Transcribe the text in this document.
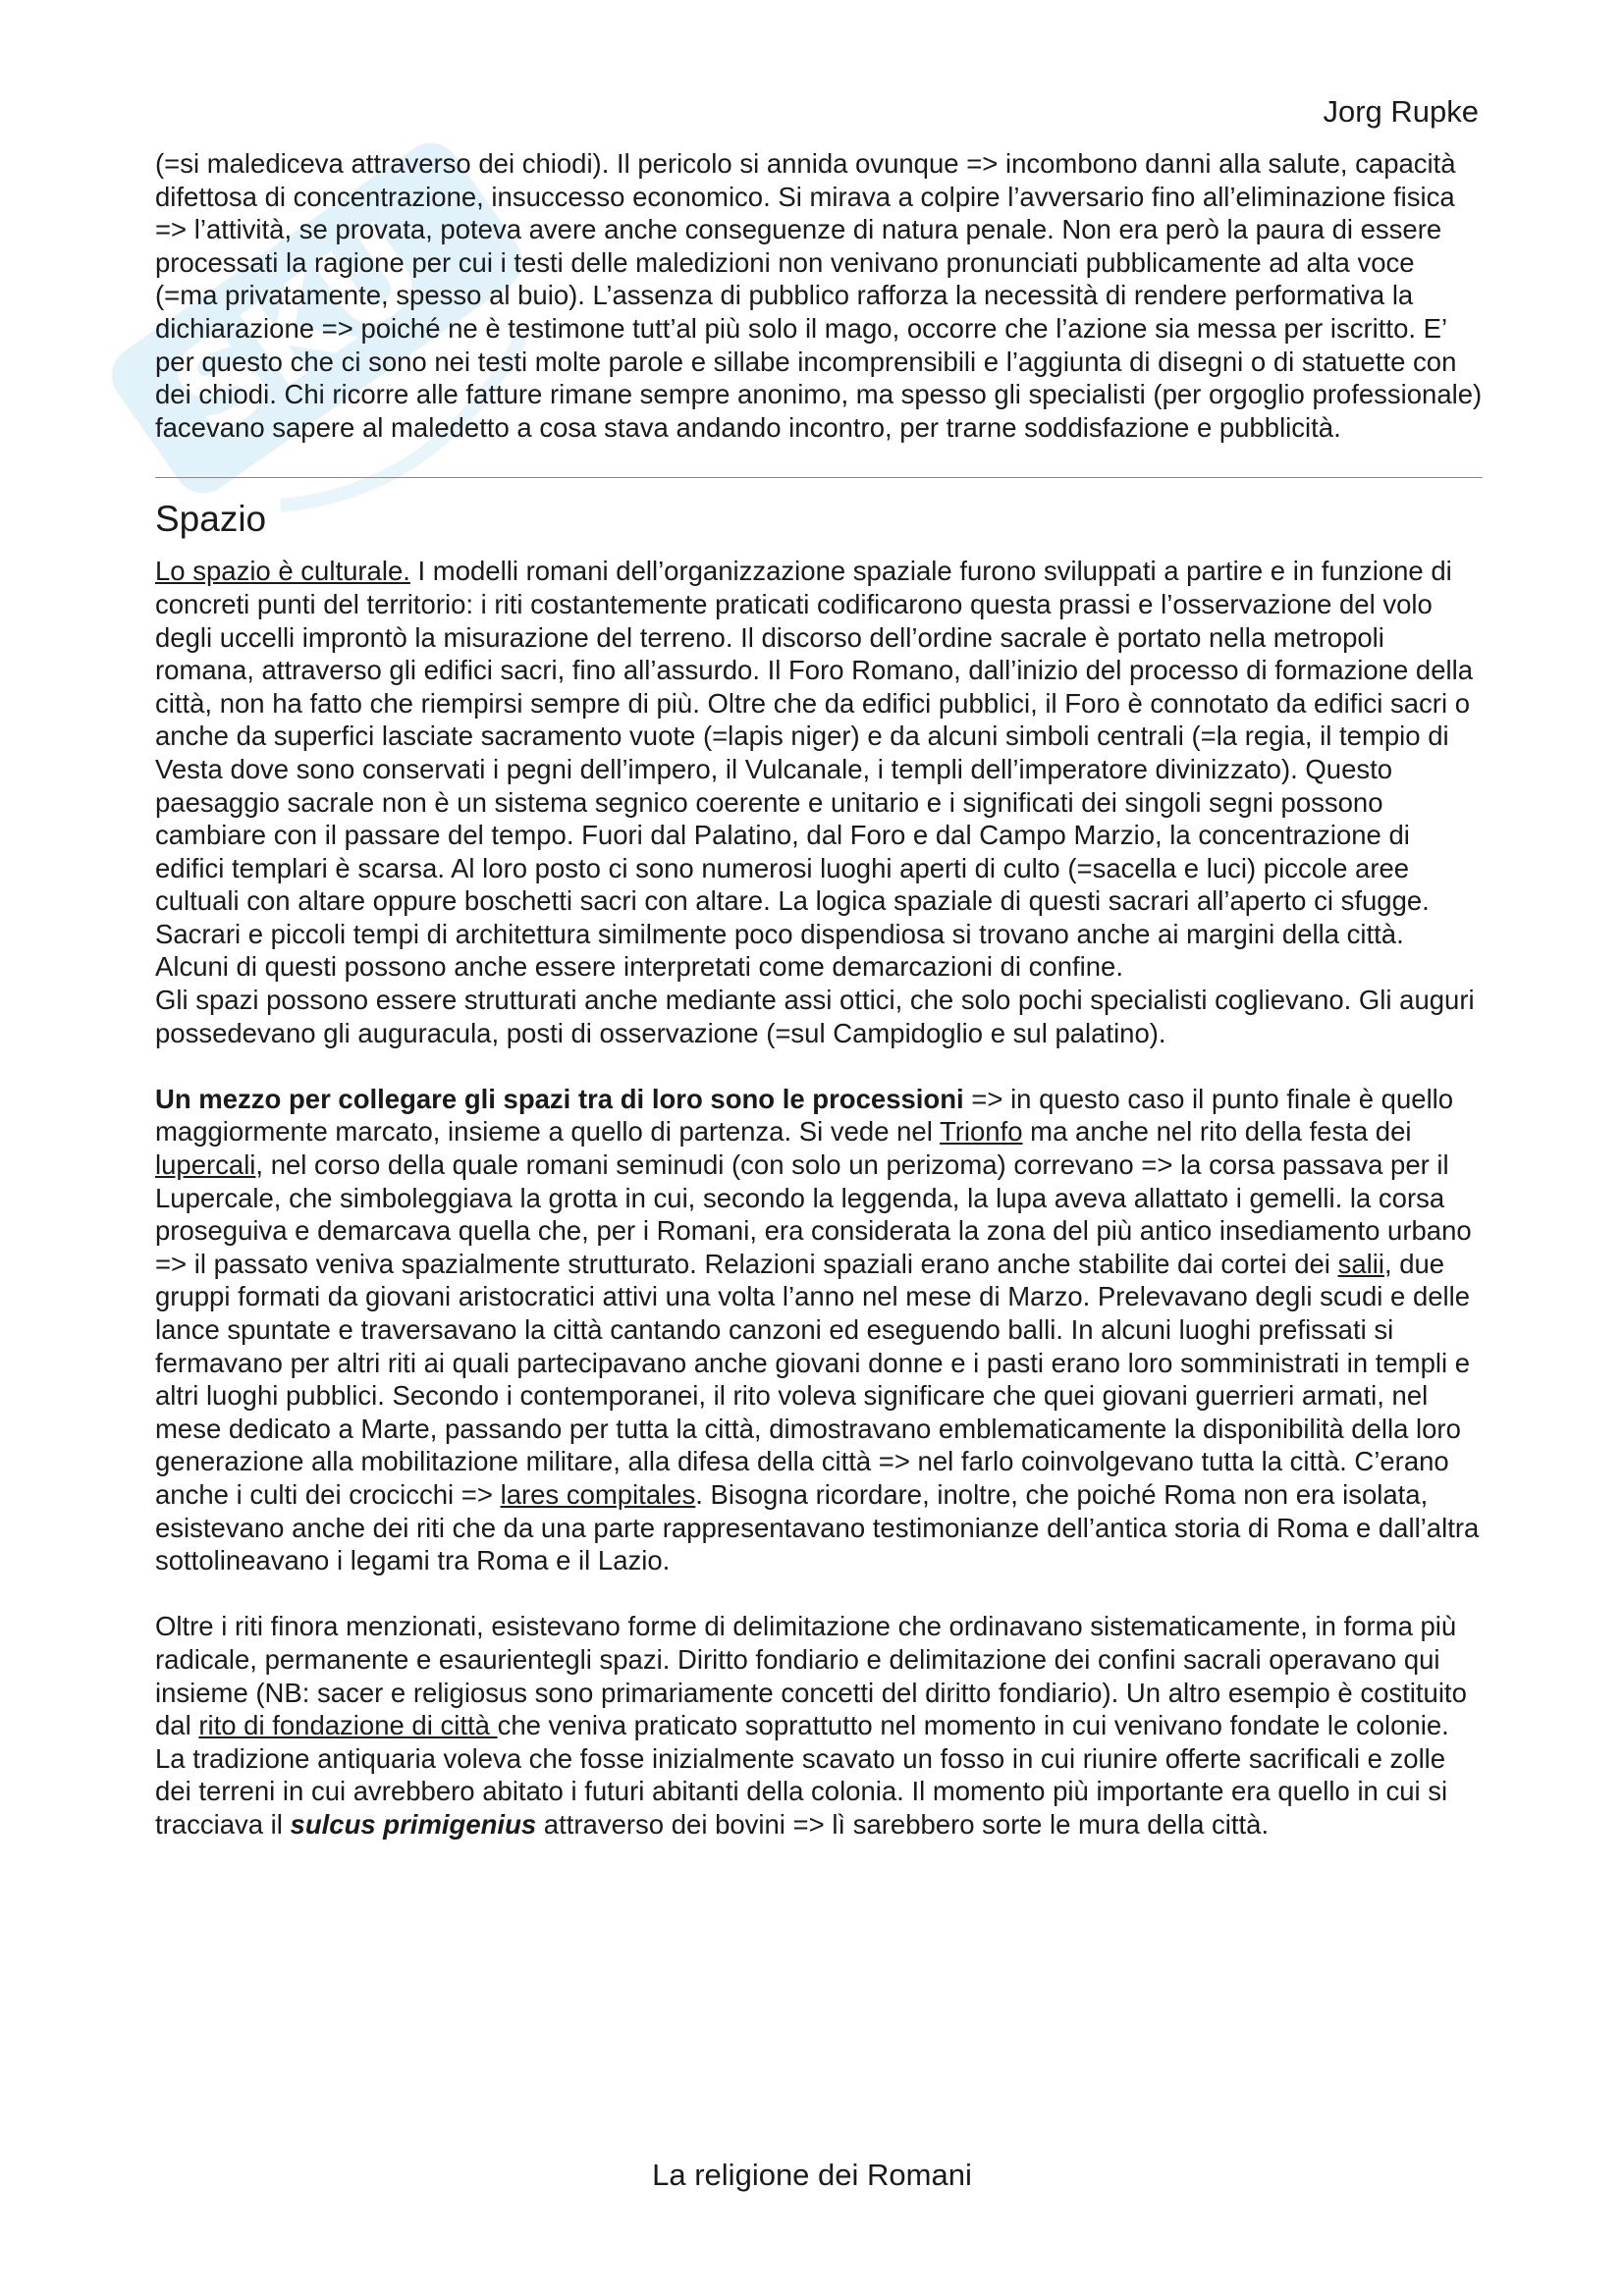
SKU
Jorg Rupke

(=si malediceva attraverso dei chiodi). Il pericolo si annida ovunque => incombono danni alla salute, capacità difettosa di concentrazione, insuccesso economico. Si mirava a colpire l’avversario fino all’eliminazione fisica => l’attività, se provata, poteva avere anche conseguenze di natura penale. Non era però la paura di essere processati la ragione per cui i testi delle maledizioni non venivano pronunciati pubblicamente ad alta voce (=ma privatamente, spesso al buio). L’assenza di pubblico rafforza la necessità di rendere performativa la dichiarazione => poiché ne è testimone tutt’al più solo il mago, occorre che l’azione sia messa per iscritto. E’ per questo che ci sono nei testi molte parole e sillabe incomprensibili e l’aggiunta di disegni o di statuette con dei chiodi. Chi ricorre alle fatture rimane sempre anonimo, ma spesso gli specialisti (per orgoglio professionale) facevano sapere al maledetto a cosa stava andando incontro, per trarne soddisfazione e pubblicità.

Spazio

Lo spazio è culturale. I modelli romani dell’organizzazione spaziale furono sviluppati a partire e in funzione di concreti punti del territorio: i riti costantemente praticati codificarono questa prassi e l’osservazione del volo degli uccelli improntò la misurazione del terreno. Il discorso dell’ordine sacrale è portato nella metropoli romana, attraverso gli edifici sacri, fino all’assurdo. Il Foro Romano, dall’inizio del processo di formazione della città, non ha fatto che riempirsi sempre di più. Oltre che da edifici pubblici, il Foro è connotato da edifici sacri o anche da superfici lasciate sacramento vuote (=lapis niger) e da alcuni simboli centrali (=la regia, il tempio di Vesta dove sono conservati i pegni dell’impero, il Vulcanale, i templi dell’imperatore divinizzato). Questo paesaggio sacrale non è un sistema segnico coerente e unitario e i significati dei singoli segni possono cambiare con il passare del tempo. Fuori dal Palatino, dal Foro e dal Campo Marzio, la concentrazione di edifici templari è scarsa. Al loro posto ci sono numerosi luoghi aperti di culto (=sacella e luci) piccole aree cultuali con altare oppure boschetti sacri con altare. La logica spaziale di questi sacrari all’aperto ci sfugge. Sacrari e piccoli tempi di architettura similmente poco dispendiosa si trovano anche ai margini della città. Alcuni di questi possono anche essere interpretati come demarcazioni di confine.

Gli spazi possono essere strutturati anche mediante assi ottici, che solo pochi specialisti coglievano. Gli auguri possedevano gli auguracula, posti di osservazione (=sul Campidoglio e sul palatino).

Un mezzo per collegare gli spazi tra di loro sono le processioni => in questo caso il punto finale è quello maggiormente marcato, insieme a quello di partenza. Si vede nel Trionfo ma anche nel rito della festa dei lupercali, nel corso della quale romani seminudi (con solo un perizoma) correvano => la corsa passava per il Lupercale, che simboleggiava la grotta in cui, secondo la leggenda, la lupa aveva allattato i gemelli. la corsa proseguiva e demarcava quella che, per i Romani, era considerata la zona del più antico insediamento urbano => il passato veniva spazialmente strutturato. Relazioni spaziali erano anche stabilite dai cortei dei salii, due gruppi formati da giovani aristocratici attivi una volta l’anno nel mese di Marzo. Prelevavano degli scudi e delle lance spuntate e traversavano la città cantando canzoni ed eseguendo balli. In alcuni luoghi prefissati si fermavano per altri riti ai quali partecipavano anche giovani donne e i pasti erano loro somministrati in templi e altri luoghi pubblici. Secondo i contemporanei, il rito voleva significare che quei giovani guerrieri armati, nel mese dedicato a Marte, passando per tutta la città, dimostravano emblematicamente la disponibilità della loro generazione alla mobilitazione militare, alla difesa della città => nel farlo coinvolgevano tutta la città. C’erano anche i culti dei crocicchi => lares compitales. Bisogna ricordare, inoltre, che poiché Roma non era isolata, esistevano anche dei riti che da una parte rappresentavano testimonianze dell’antica storia di Roma e dall’altra sottolineavano i legami tra Roma e il Lazio.

Oltre i riti finora menzionati, esistevano forme di delimitazione che ordinavano sistematicamente, in forma più radicale, permanente e esaurientegli spazi. Diritto fondiario e delimitazione dei confini sacrali operavano qui insieme (NB: sacer e religiosus sono primariamente concetti del diritto fondiario). Un altro esempio è costituito dal rito di fondazione di città che veniva praticato soprattutto nel momento in cui venivano fondate le colonie. La tradizione antiquaria voleva che fosse inizialmente scavato un fosso in cui riunire offerte sacrificali e zolle dei terreni in cui avrebbero abitato i futuri abitanti della colonia. Il momento più importante era quello in cui si tracciava il sulcus primigenius attraverso dei bovini => lì sarebbero sorte le mura della città.

La religione dei Romani
